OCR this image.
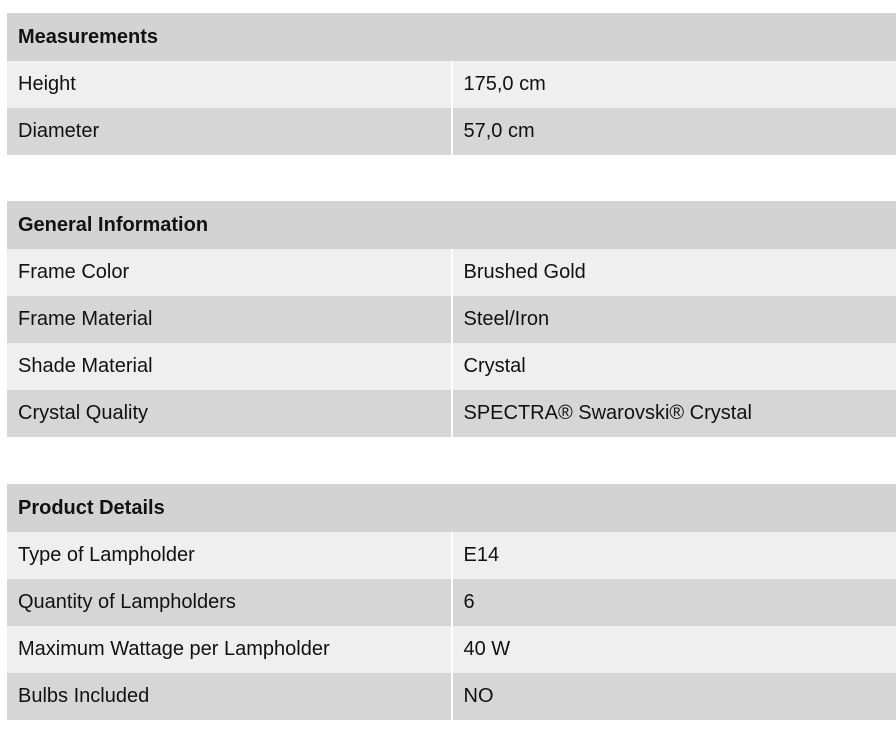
Measurements	
Height	175,0 cm
Diameter	57,0 cm
General Information	
Frame Color	Brushed Gold
Frame Material	Steel/Iron
Shade Material	Crystal
Crystal Quality	SPECTRA® Swarovski® Crystal
Product Details	
Type of Lampholder	E14
Quantity of Lampholders	6
Maximum Wattage per Lampholder	40 W
Bulbs Included	NO
